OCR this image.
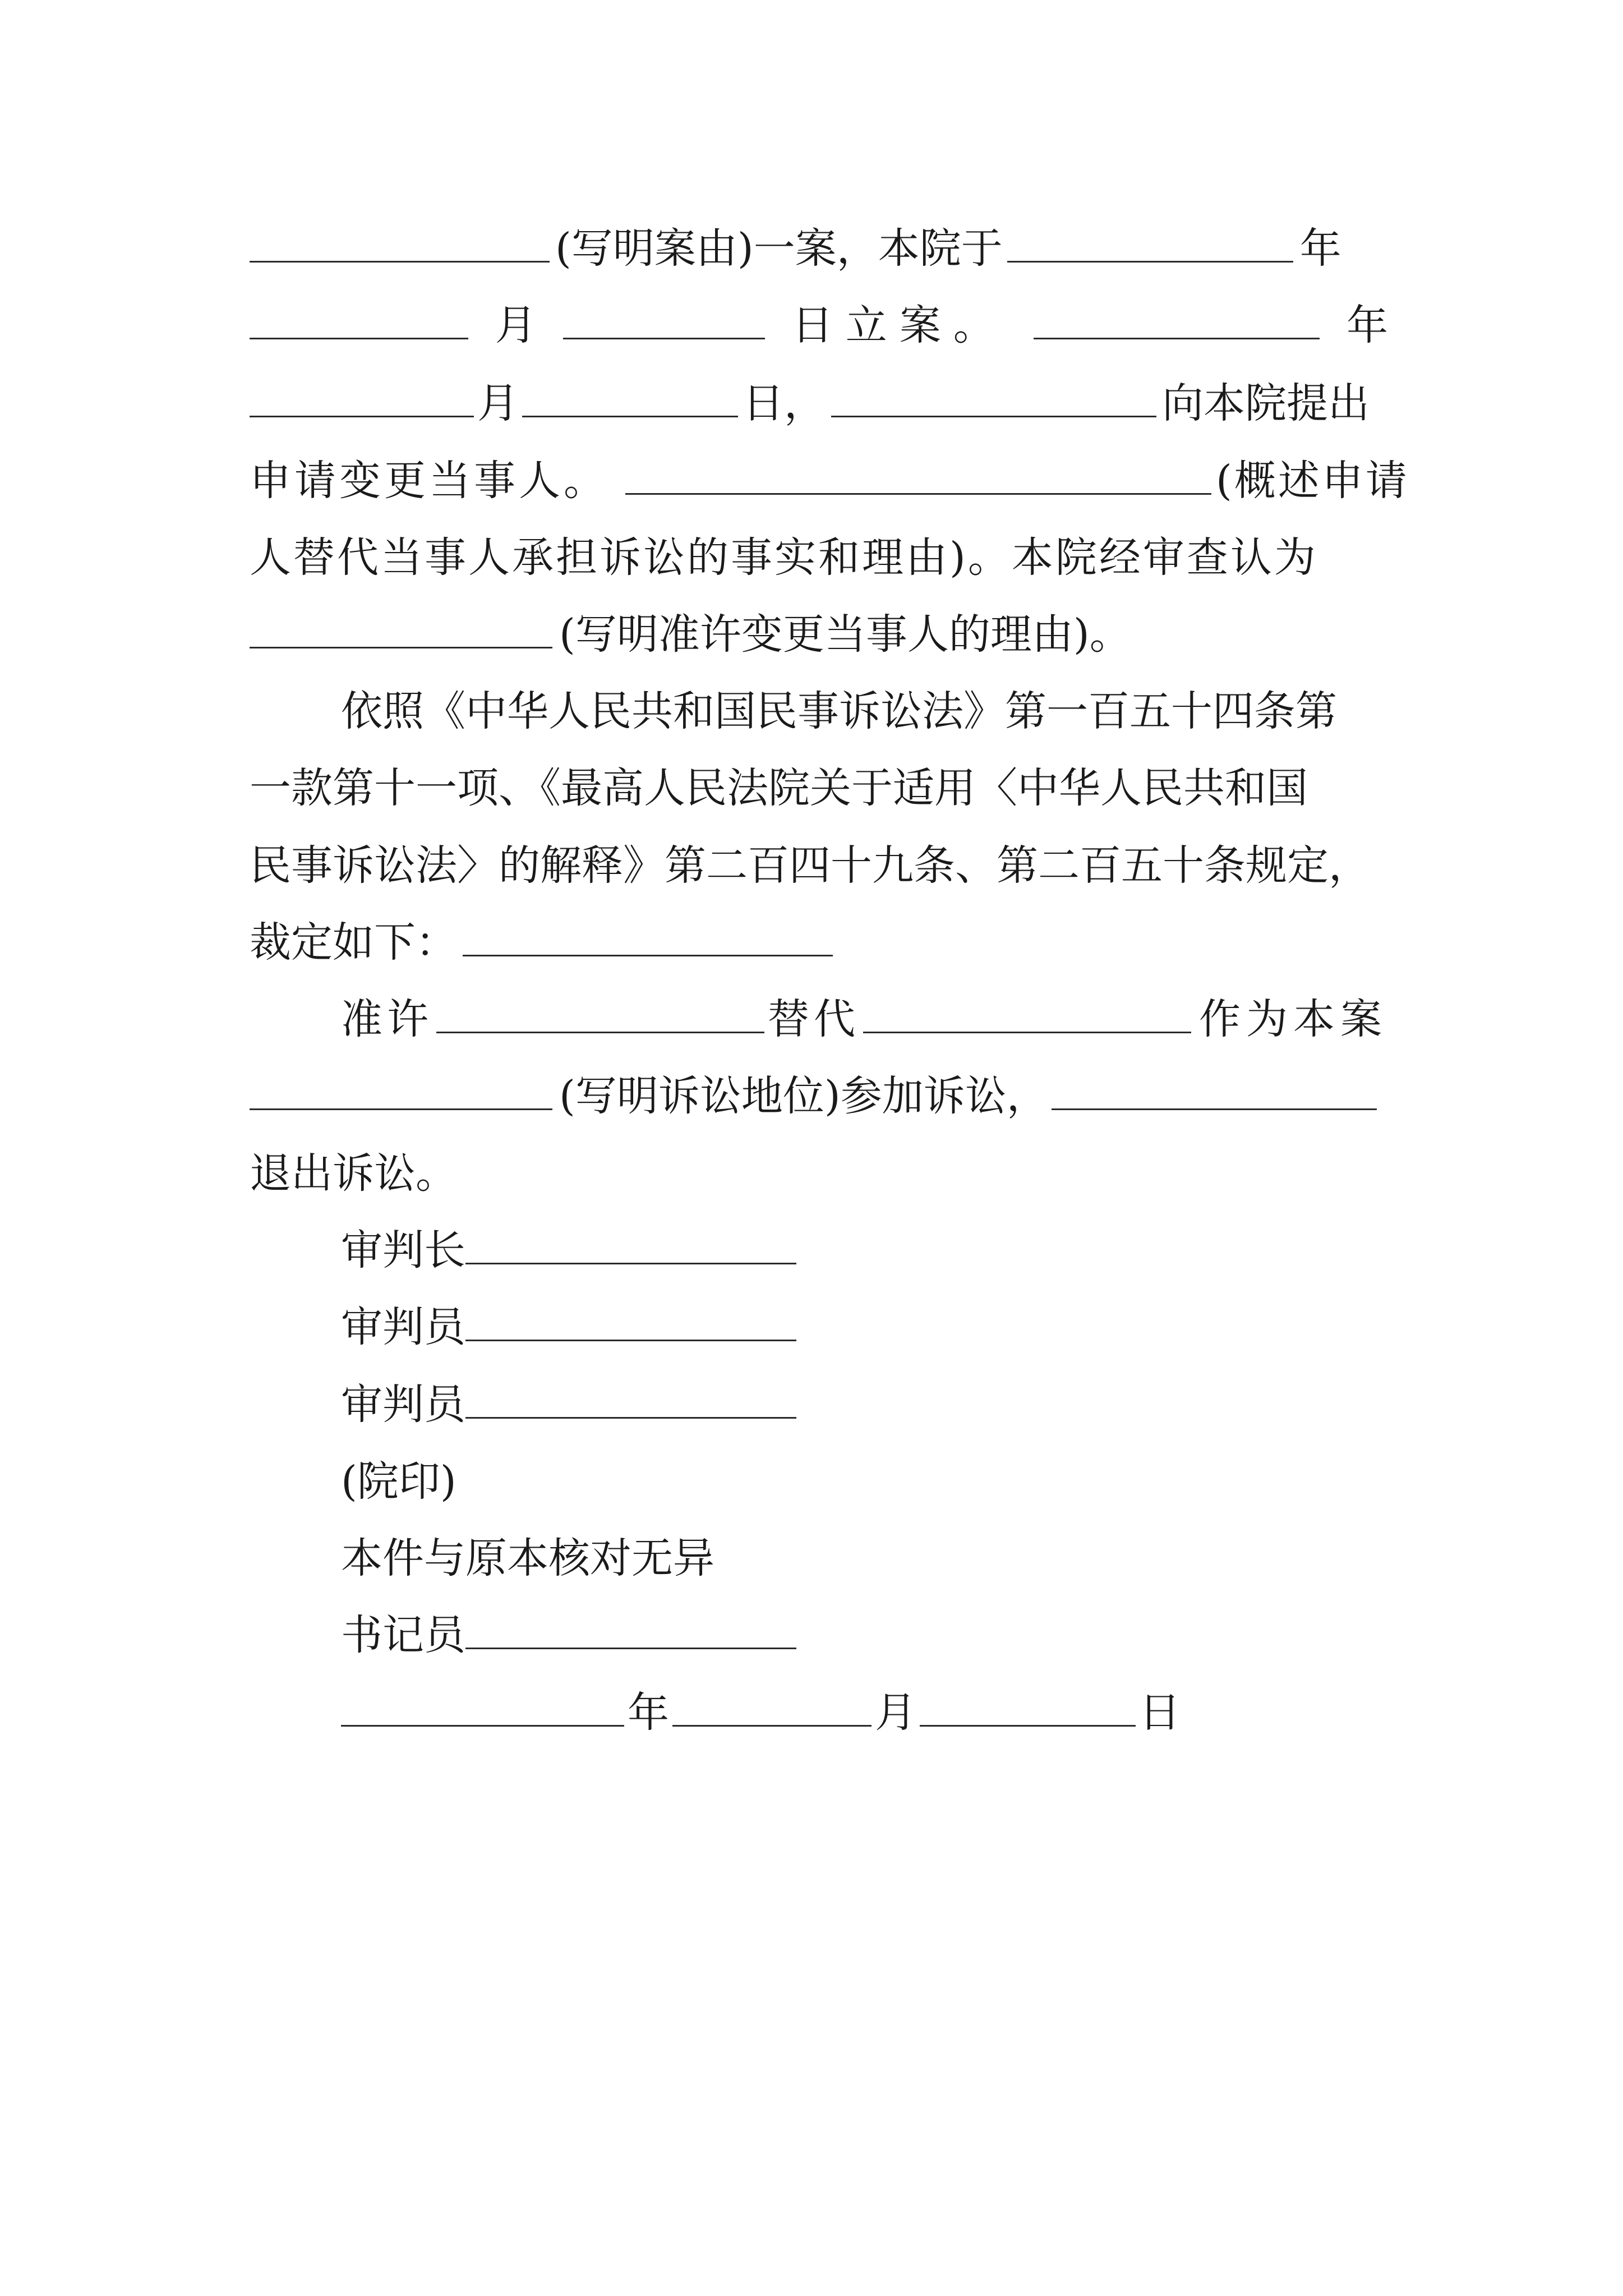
(写明案由)一案，本院于	年
月	日立案。	年
月	日，	向本院提出
申请变更当事人。	(概述申请
人替代当事人承担诉讼的事实和理由)。本院经审查认为
(写明准许变更当事人的理由)。
依照《中华人民共和国民事诉讼法》第一百五十四条第
一款第十一项、《最高人民法院关于适用〈中华人民共和国
民事诉讼法〉的解释》第二百四十九条、第二百五十条规定，
裁定如下：
准许	替代	作为本案
(写明诉讼地位)参加诉讼，
退出诉讼。
审判长
审判员
审判员
(院印)
本件与原本核对无异
书记员
年	月	日
